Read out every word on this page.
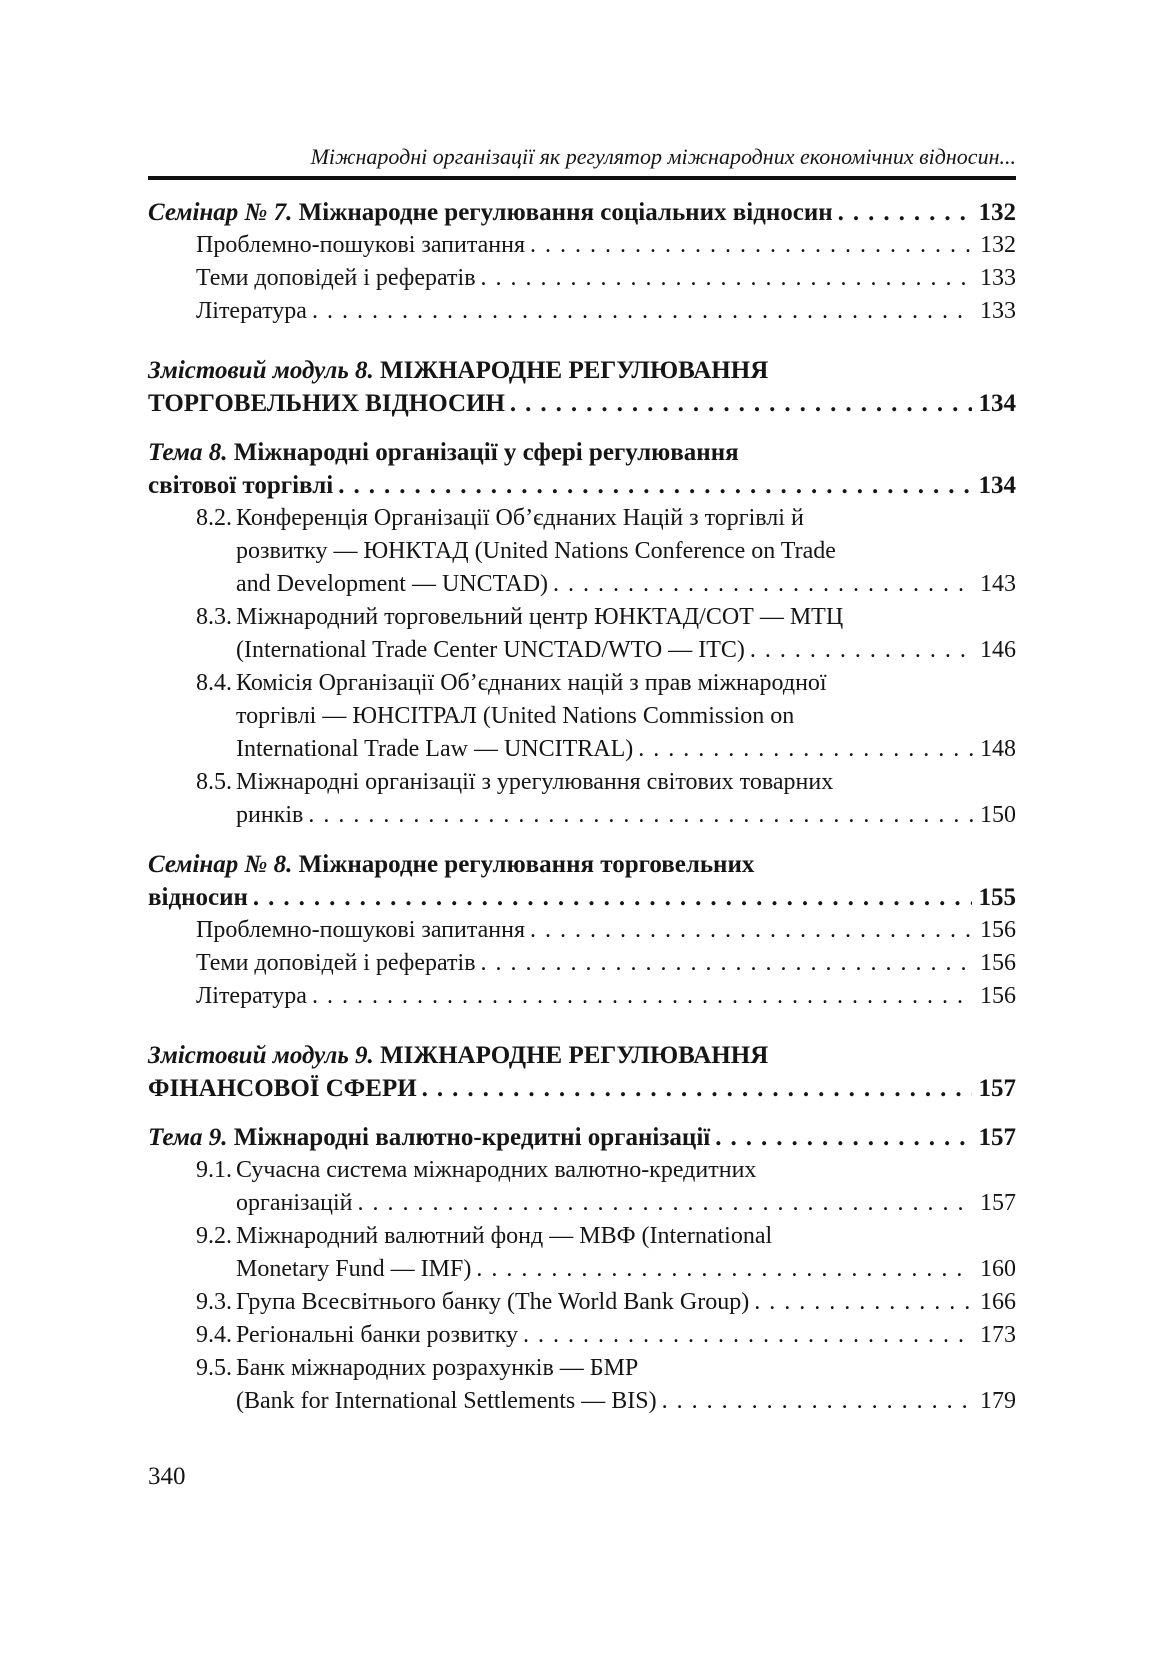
Міжнародні організації як регулятор міжнародних економічних відносин...
Семінар № 7. Міжнародне регулювання соціальних відносин .....	132
Проблемно-пошукові запитання .....	132
Теми доповідей і рефератів .....	133
Література .....	133
Змістовий модуль 8. МІЖНАРОДНЕ РЕГУЛЮВАННЯ
ТОРГОВЕЛЬНИХ ВІДНОСИН .....	134
Тема 8. Міжнародні організації у сфері регулювання
світової торгівлі .....	134
8.2. Конференція Організації Об’єднаних Націй з торгівлі й
розвитку — ЮНКТАД (United Nations Conference on Trade
and Development — UNCTAD) .....	143
8.3. Міжнародний торговельний центр ЮНКТАД/СОТ — МТЦ
(International Trade Center UNCTAD/WTO — ITC) .....	146
8.4. Комісія Організації Об’єднаних націй з прав міжнародної
торгівлі — ЮНСІТРАЛ (United Nations Commission on
International Trade Law — UNCITRAL) .....	148
8.5. Міжнародні організації з урегулювання світових товарних
ринків .....	150
Семінар № 8. Міжнародне регулювання торговельних
відносин .....	155
Проблемно-пошукові запитання .....	156
Теми доповідей і рефератів .....	156
Література .....	156
Змістовий модуль 9. МІЖНАРОДНЕ РЕГУЛЮВАННЯ
ФІНАНСОВОЇ СФЕРИ .....	157
Тема 9. Міжнародні валютно-кредитні організації .....	157
9.1. Сучасна система міжнародних валютно-кредитних
організацій .....	157
9.2. Міжнародний валютний фонд — МВФ (International
Monetary Fund — IMF) .....	160
9.3. Група Всесвітнього банку (The World Bank Group) .....	166
9.4. Регіональні банки розвитку .....	173
9.5. Банк міжнародних розрахунків — БМР
(Bank for International Settlements — BIS) .....	179
340
